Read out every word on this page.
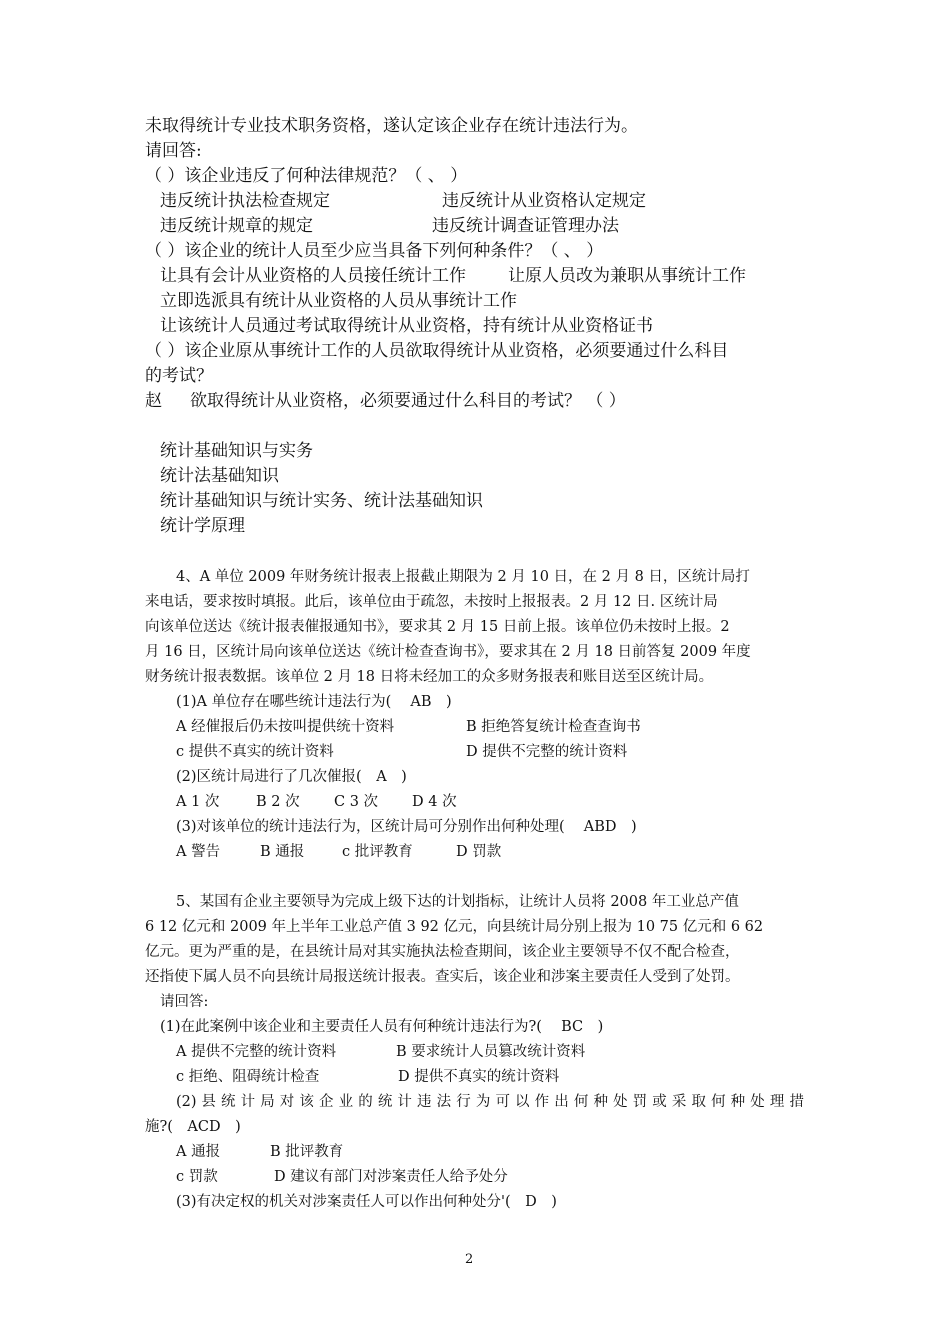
未取得统计专业技术职务资格，遂认定该企业存在统计违法行为。
请回答:
（ ）该企业违反了何种法律规范？（ 、 ）
违反统计执法检查规定	违反统计从业资格认定规定
违反统计规章的规定	违反统计调查证管理办法
（ ）该企业的统计人员至少应当具备下列何种条件？（ 、 ）
让具有会计从业资格的人员接任统计工作 让原人员改为兼职从事统计工作
立即选派具有统计从业资格的人员从事统计工作
让该统计人员通过考试取得统计从业资格，持有统计从业资格证书
（ ）该企业原从事统计工作的人员欲取得统计从业资格，必须要通过什么科目
的考试？
赵 欲取得统计从业资格，必须要通过什么科目的考试？ （ ）
统计基础知识与实务
统计法基础知识
统计基础知识与统计实务、统计法基础知识
统计学原理
4、A 单位 2009 年财务统计报表上报截止期限为 2 月 10 日，在 2 月 8 日，区统计局打
来电话，要求按时填报。此后，该单位由于疏忽，未按时上报报表。2 月 12 日. 区统计局
向该单位送达《统计报表催报通知书》，要求其 2 月 15 日前上报。该单位仍未按时上报。2
月 16 日，区统计局向该单位送达《统计检查查询书》，要求其在 2 月 18 日前答复 2009 年度
财务统计报表数据。该单位 2 月 18 日将未经加工的众多财务报表和账目送至区统计局。
(1)A 单位存在哪些统计违法行为(　 AB　)
A 经催报后仍未按叫提供统十资料	B 拒绝答复统计检查查询书
c 提供不真实的统计资料	D 提供不完整的统计资料
(2)区统计局进行了几次催报(　A　)
A 1 次	B 2 次 C 3 次 D 4 次
(3)对该单位的统计违法行为，区统计局可分别作出何种处理(　 ABD　)
A 警告	B 通报	c 批评教育	D 罚款
5、某国有企业主要领导为完成上级下达的计划指标，让统计人员将 2008 年工业总产值
6 12 亿元和 2009 年上半年工业总产值 3 92 亿元，向县统计局分别上报为 10 75 亿元和 6 62
亿元。更为严重的是，在县统计局对其实施执法检查期间，该企业主要领导不仅不配合检查，
还指使下属人员不向县统计局报送统计报表。查实后，该企业和涉案主要责任人受到了处罚。
请回答:
(1)在此案例中该企业和主要责任人员有何种统计违法行为?(　 BC　)
A 提供不完整的统计资料	B 要求统计人员篡改统计资料
c 拒绝、阻碍统计检查	D 提供不真实的统计资料
(2) 县 统 计 局 对 该 企 业 的 统 计 违 法 行 为 可 以 作 出 何 种 处 罚 或 采 取 何 种 处 理 措
施?(　ACD　)
A 通报	B 批评教育
c 罚款	D 建议有部门对涉案责任人给予处分
(3)有决定权的机关对涉案责任人可以作出何种处分'(　D　)
2
